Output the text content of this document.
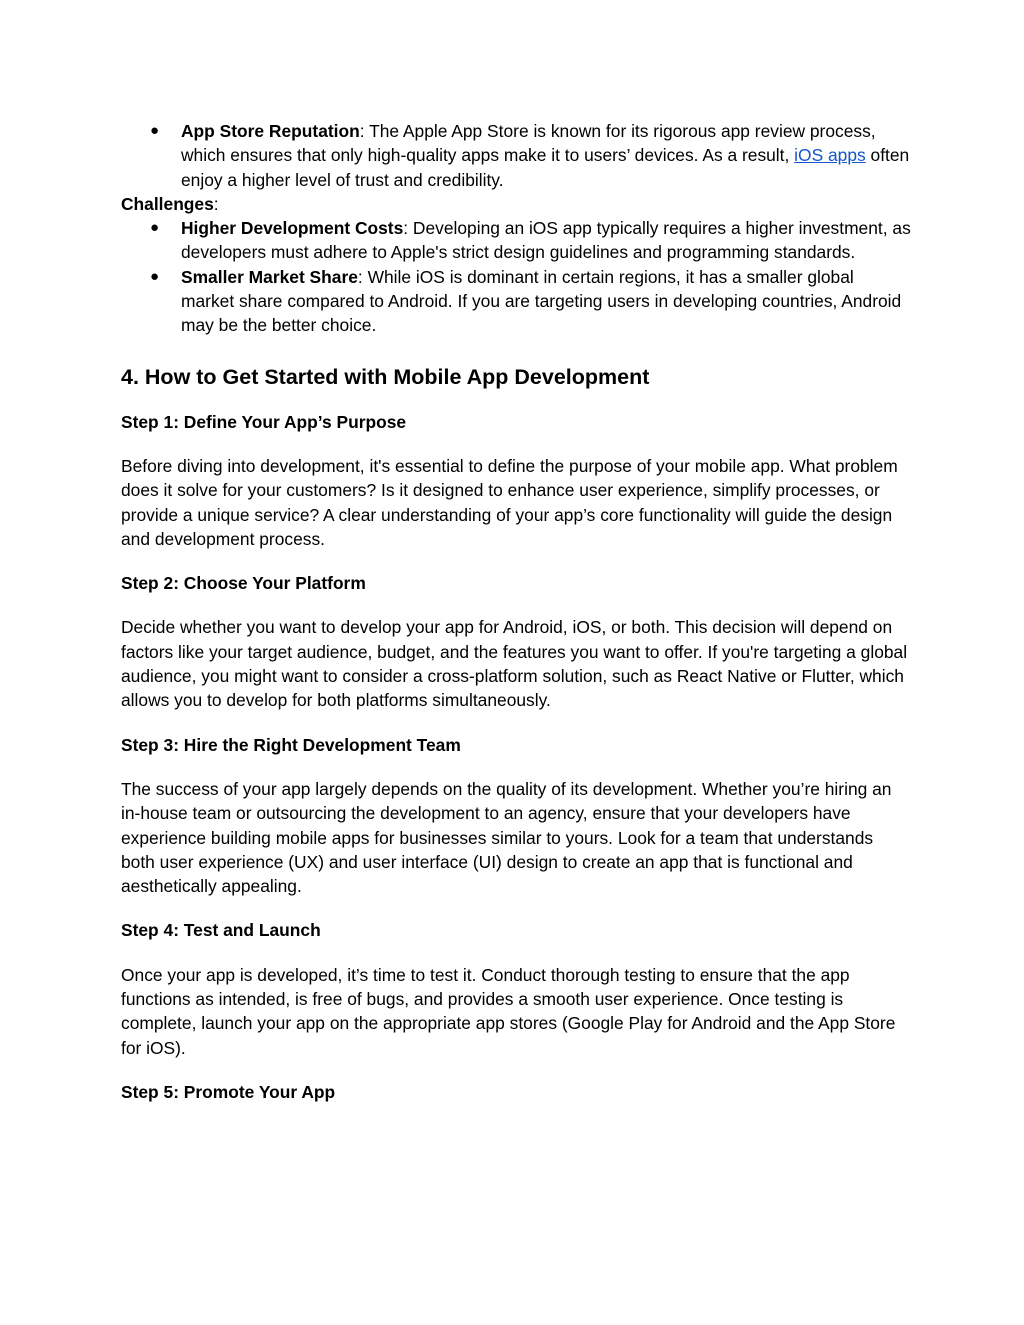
● App Store Reputation: The Apple App Store is known for its rigorous app review process, which ensures that only high-quality apps make it to users’ devices. As a result, iOS apps often enjoy a higher level of trust and credibility.
Challenges:
● Higher Development Costs: Developing an iOS app typically requires a higher investment, as developers must adhere to Apple's strict design guidelines and programming standards.
● Smaller Market Share: While iOS is dominant in certain regions, it has a smaller global market share compared to Android. If you are targeting users in developing countries, Android may be the better choice.
4. How to Get Started with Mobile App Development
Step 1: Define Your App’s Purpose

Before diving into development, it's essential to define the purpose of your mobile app. What problem does it solve for your customers? Is it designed to enhance user experience, simplify processes, or provide a unique service? A clear understanding of your app’s core functionality will guide the design and development process.

Step 2: Choose Your Platform

Decide whether you want to develop your app for Android, iOS, or both. This decision will depend on factors like your target audience, budget, and the features you want to offer. If you're targeting a global audience, you might want to consider a cross-platform solution, such as React Native or Flutter, which allows you to develop for both platforms simultaneously.

Step 3: Hire the Right Development Team

The success of your app largely depends on the quality of its development. Whether you’re hiring an in-house team or outsourcing the development to an agency, ensure that your developers have experience building mobile apps for businesses similar to yours. Look for a team that understands both user experience (UX) and user interface (UI) design to create an app that is functional and aesthetically appealing.

Step 4: Test and Launch

Once your app is developed, it’s time to test it. Conduct thorough testing to ensure that the app functions as intended, is free of bugs, and provides a smooth user experience. Once testing is complete, launch your app on the appropriate app stores (Google Play for Android and the App Store for iOS).

Step 5: Promote Your App
